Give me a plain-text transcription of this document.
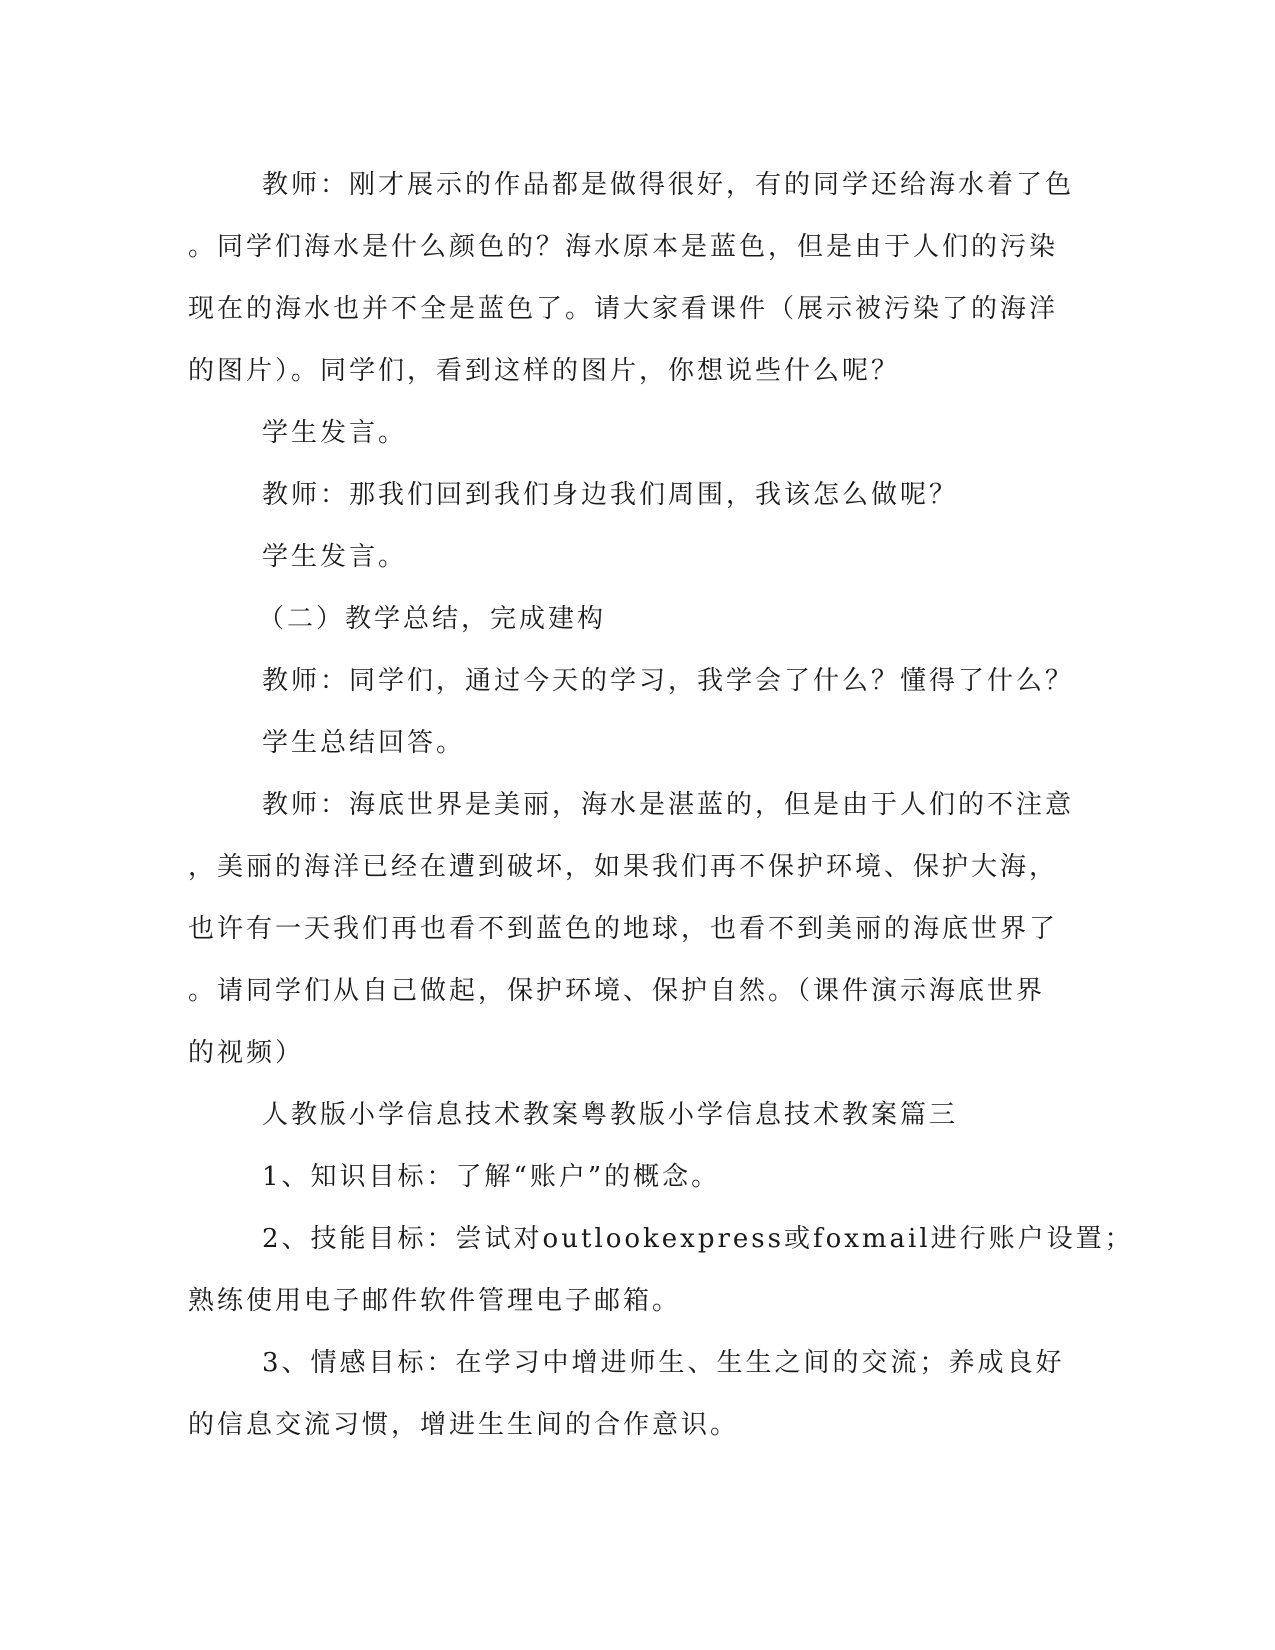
教师：刚才展示的作品都是做得很好，有的同学还给海水着了色
。同学们海水是什么颜色的？海水原本是蓝色，但是由于人们的污染
现在的海水也并不全是蓝色了。请大家看课件（展示被污染了的海洋
的图片）。同学们，看到这样的图片，你想说些什么呢？
学生发言。
教师：那我们回到我们身边我们周围，我该怎么做呢？
学生发言。
（二）教学总结，完成建构
教师：同学们，通过今天的学习，我学会了什么？懂得了什么？
学生总结回答。
教师：海底世界是美丽，海水是湛蓝的，但是由于人们的不注意
，美丽的海洋已经在遭到破坏，如果我们再不保护环境、保护大海，
也许有一天我们再也看不到蓝色的地球，也看不到美丽的海底世界了
。请同学们从自己做起，保护环境、保护自然。（课件演示海底世界
的视频）
人教版小学信息技术教案粤教版小学信息技术教案篇三
1、知识目标：了解“账户”的概念。
2、技能目标：尝试对outlookexpress或foxmail进行账户设置；
熟练使用电子邮件软件管理电子邮箱。
3、情感目标：在学习中增进师生、生生之间的交流；养成良好
的信息交流习惯，增进生生间的合作意识。
